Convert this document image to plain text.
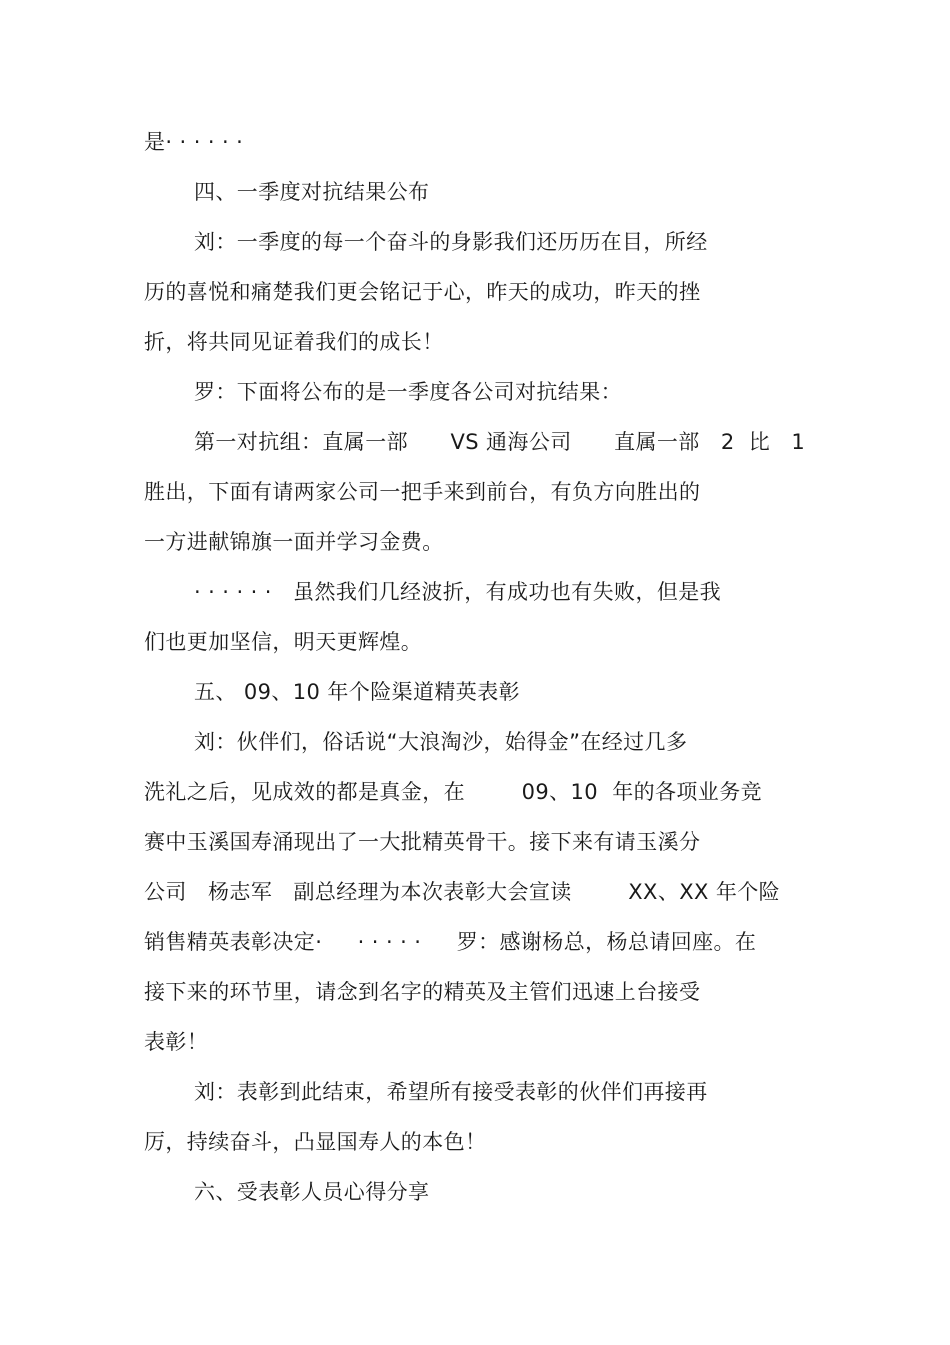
是· · · · · ·
四、一季度对抗结果公布
刘：一季度的每一个奋斗的身影我们还历历在目，所经
历的喜悦和痛楚我们更会铭记于心，昨天的成功，昨天的挫
折，将共同见证着我们的成长！
罗：下面将公布的是一季度各公司对抗结果：
第一对抗组：直属一部      VS 通海公司      直属一部   2  比   1
胜出，下面有请两家公司一把手来到前台，有负方向胜出的
一方进献锦旗一面并学习金费。
· · · · · ·   虽然我们几经波折，有成功也有失败，但是我
们也更加坚信，明天更辉煌。
五、 09、10 年个险渠道精英表彰
刘：伙伴们，俗话说“大浪淘沙，始得金”在经过几多
洗礼之后，见成效的都是真金，在        09、10  年的各项业务竞
赛中玉溪国寿涌现出了一大批精英骨干。接下来有请玉溪分
公司   杨志军   副总经理为本次表彰大会宣读        XX、XX 年个险
销售精英表彰决定·     · · · · ·     罗：感谢杨总，杨总请回座。在
接下来的环节里，请念到名字的精英及主管们迅速上台接受
表彰！
刘：表彰到此结束，希望所有接受表彰的伙伴们再接再
厉，持续奋斗，凸显国寿人的本色！
六、受表彰人员心得分享
